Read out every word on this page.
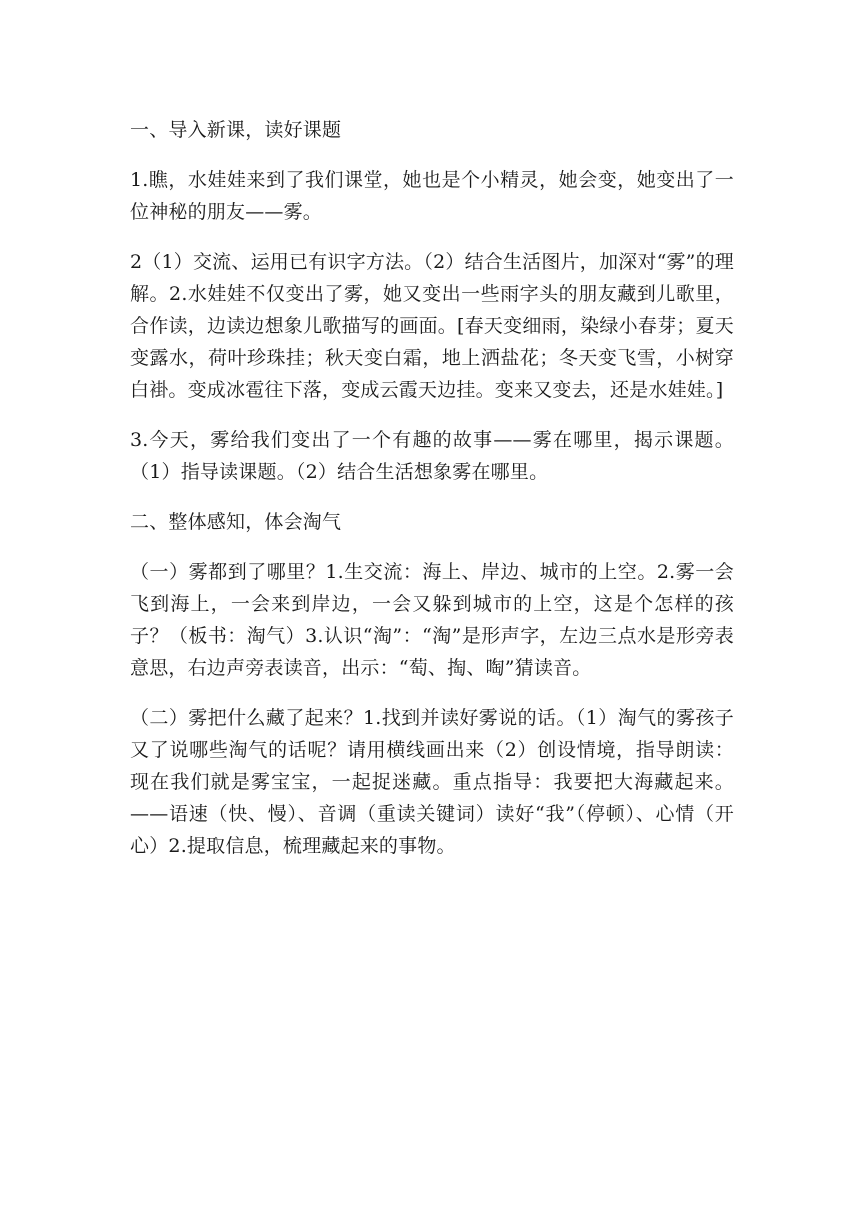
一、导入新课，读好课题

1.瞧，水娃娃来到了我们课堂，她也是个小精灵，她会变，她变出了一位神秘的朋友——雾。

2（1）交流、运用已有识字方法。（2）结合生活图片，加深对“雾”的理解。2.水娃娃不仅变出了雾，她又变出一些雨字头的朋友藏到儿歌里，合作读，边读边想象儿歌描写的画面。[春天变细雨，染绿小春芽；夏天变露水，荷叶珍珠挂；秋天变白霜，地上洒盐花；冬天变飞雪，小树穿白褂。变成冰雹往下落，变成云霞天边挂。变来又变去，还是水娃娃。]

3.今天，雾给我们变出了一个有趣的故事——雾在哪里，揭示课题。（1）指导读课题。（2）结合生活想象雾在哪里。

二、整体感知，体会淘气

（一）雾都到了哪里？1.生交流：海上、岸边、城市的上空。2.雾一会飞到海上，一会来到岸边，一会又躲到城市的上空，这是个怎样的孩子？（板书：淘气）3.认识“淘”：“淘”是形声字，左边三点水是形旁表意思，右边声旁表读音，出示：“萄、掏、啕”猜读音。

（二）雾把什么藏了起来？1.找到并读好雾说的话。（1）淘气的雾孩子又了说哪些淘气的话呢？请用横线画出来（2）创设情境，指导朗读：现在我们就是雾宝宝，一起捉迷藏。重点指导：我要把大海藏起来。——语速（快、慢）、音调（重读关键词）读好“我”（停顿）、心情（开心）2.提取信息，梳理藏起来的事物。
